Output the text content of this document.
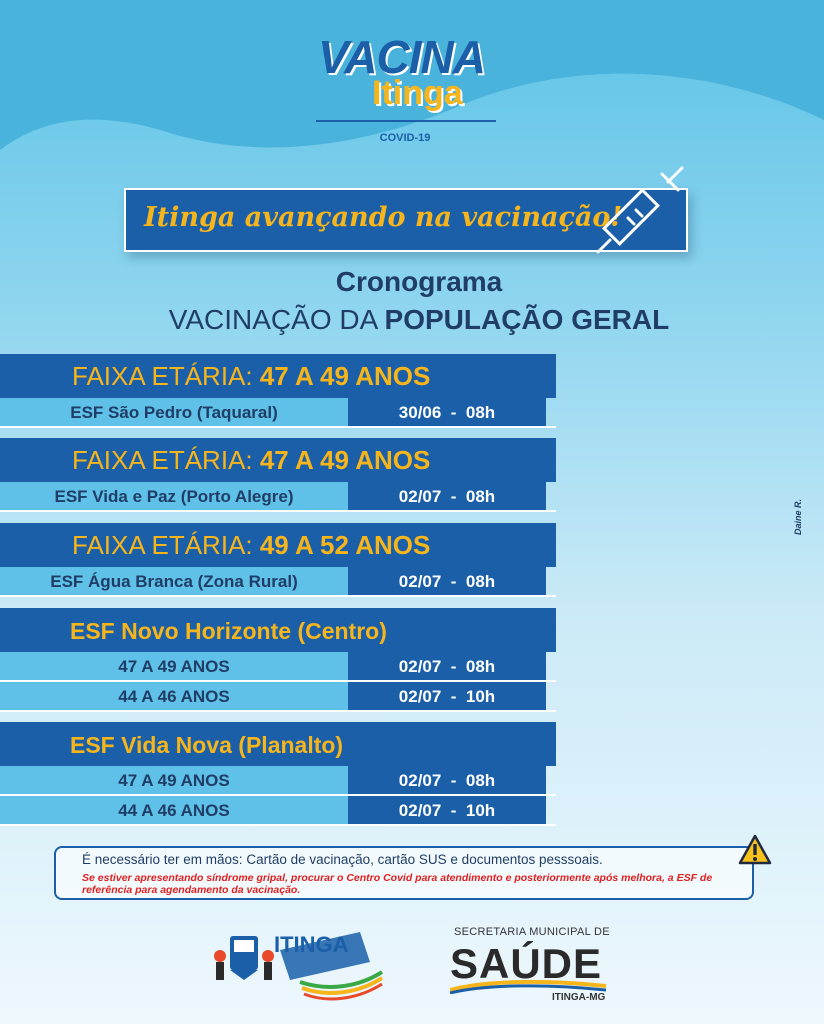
VACINA
Itinga
COVID-19
Itinga avançando na vacinação!
Cronograma
VACINAÇÃO DA POPULAÇÃO GERAL
FAIXA ETÁRIA: 47 A 49 ANOS
ESF São Pedro (Taquaral)	30/06  -  08h
FAIXA ETÁRIA: 47 A 49 ANOS
ESF Vida e Paz (Porto Alegre)	02/07  -  08h
FAIXA ETÁRIA: 49 A 52 ANOS
ESF Água Branca (Zona Rural)	02/07  -  08h
ESF Novo Horizonte (Centro)
47 A 49 ANOS	02/07  -  08h
44 A 46 ANOS	02/07  -  10h
ESF Vida Nova (Planalto)
47 A 49 ANOS	02/07  -  08h
44 A 46 ANOS	02/07  -  10h
É necessário ter em mãos: Cartão de vacinação, cartão SUS e documentos pesssoais.
Se estiver apresentando síndrome gripal, procurar o Centro Covid para atendimento e posteriormente após melhora, a ESF de referência para agendamento da vacinação.
Daine R.
ITINGA	SECRETARIA MUNICIPAL DE
SAÚDE
ITINGA-MG
